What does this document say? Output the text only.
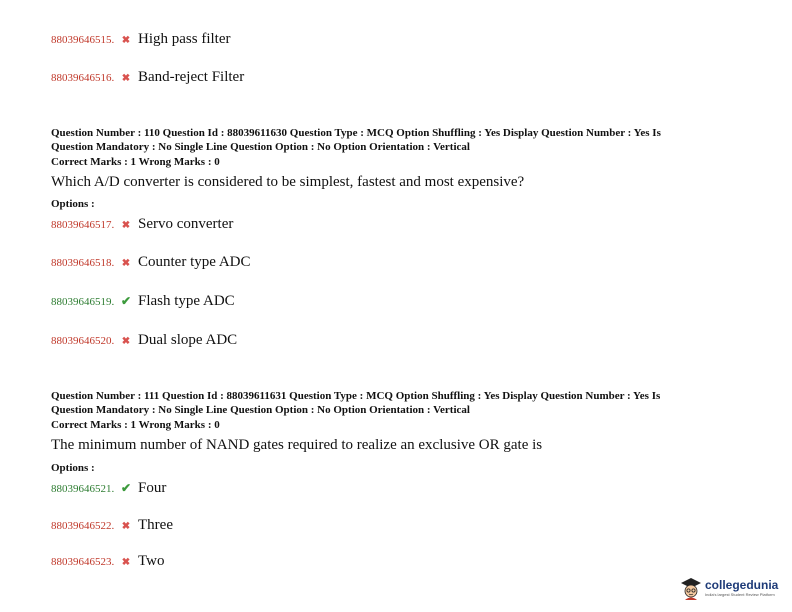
88039646515. ✖ High pass filter
88039646516. ✖ Band-reject Filter
Question Number : 110 Question Id : 88039611630 Question Type : MCQ Option Shuffling : Yes Display Question Number : Yes Is
Question Mandatory : No Single Line Question Option : No Option Orientation : Vertical
Correct Marks : 1 Wrong Marks : 0
Which A/D converter is considered to be simplest, fastest and most expensive?
Options :
88039646517. ✖ Servo converter
88039646518. ✖ Counter type ADC
88039646519. ✔ Flash type ADC
88039646520. ✖ Dual slope ADC
Question Number : 111 Question Id : 88039611631 Question Type : MCQ Option Shuffling : Yes Display Question Number : Yes Is
Question Mandatory : No Single Line Question Option : No Option Orientation : Vertical
Correct Marks : 1 Wrong Marks : 0
The minimum number of NAND gates required to realize an exclusive OR gate is
Options :
88039646521. ✔ Four
88039646522. ✖ Three
88039646523. ✖ Two
collegedunia
India's largest Student Review Platform
